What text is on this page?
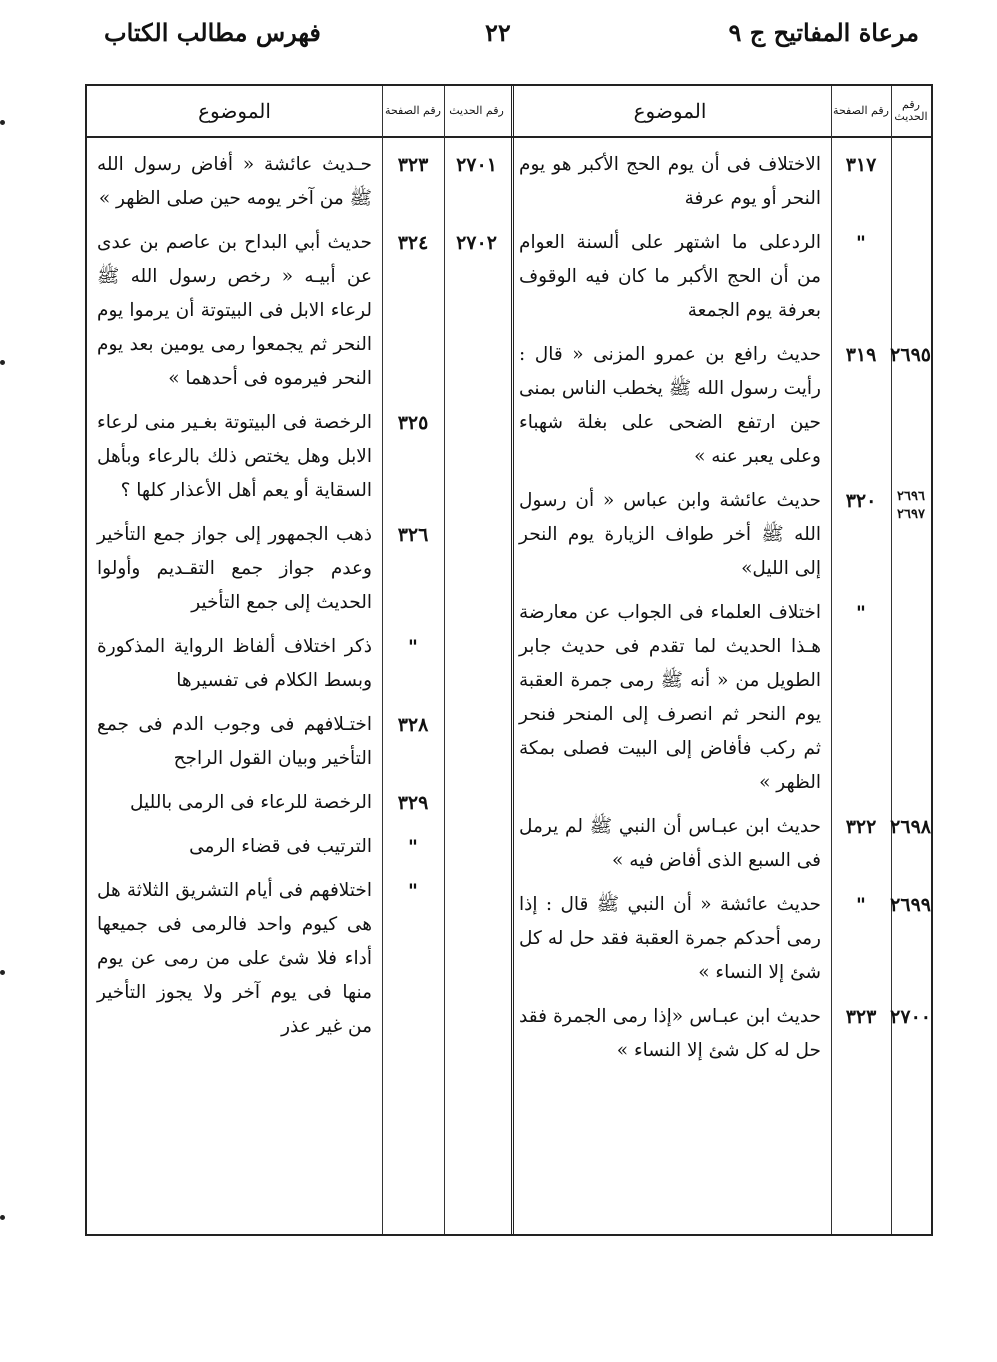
مرعاة المفاتيح ج ٩
٢٢
فهرس مطالب الكتاب
رقم الحديث
رقم الصفحة
الموضوع
٣١٧
الاختلاف فى أن يوم الحج الأكبر هو يوم النحر أو يوم عرفة
"
الردعلى ما اشتهر على ألسنة العوام من أن الحج الأكبر ما كان فيه الوقوف بعرفة يوم الجمعة
٢٦٩٥
٣١٩
حديث رافع بن عمرو المزنى « قال : رأيت رسول الله ﷺ يخطب الناس بمنى حين ارتفع الضحى على بغلة شهباء وعلى يعبر عنه »
٢٦٩٦ ٢٦٩٧
٣٢٠
حديث عائشة وابن عباس « أن رسول الله ﷺ أخر طواف الزيارة يوم النحر إلى الليل»
"
اختلاف العلماء فى الجواب عن معارضة هـذا الحديث لما تقدم فى حديث جابر الطويل من « أنه ﷺ رمى جمرة العقبة يوم النحر ثم انصرف إلى المنحر فنحر ثم ركب فأفاض إلى البيت فصلى بمكة الظهر »
٢٦٩٨
٣٢٢
حديث ابن عبـاس أن النبي ﷺ لم يرمل فى السبع الذى أفاض فيه »
٢٦٩٩
"
حديث عائشة « أن النبي ﷺ قال : إذا رمى أحدكم جمرة العقبة فقد حل له كل شئ إلا النساء »
٢٧٠٠
٣٢٣
حديث ابن عبـاس «إذا رمى الجمرة فقد حل له كل شئ إلا النساء »
رقم الحديث
رقم الصفحة
الموضوع
٢٧٠١
٣٢٣
حـديث عائشة « أفاض رسول الله ﷺ من آخر يومه حين صلى الظهر »
٢٧٠٢
٣٢٤
حديث أبي البداح بن عاصم بن عدى عن أبيـه « رخص رسول الله ﷺ لرعاء الابل فى البيتوتة أن يرموا يوم النحر ثم يجمعوا رمى يومين بعد يوم النحر فيرموه فى أحدهما »
٣٢٥
الرخصة فى البيتوتة بغـير منى لرعاء الابل وهل يختص ذلك بالرعاء وبأهل السقاية أو يعم أهل الأعذار كلها ؟
٣٢٦
ذهب الجمهور إلى جواز جمع التأخير وعدم جواز جمع التقـديم وأولوا الحديث إلى جمع التأخير
"
ذكر اختلاف ألفاظ الرواية المذكورة وبسط الكلام فى تفسيرها
٣٢٨
اختـلافهم فى وجوب الدم فى جمع التأخير وبيان القول الراجح
٣٢٩
الرخصة للرعاء فى الرمى بالليل
"
الترتيب فى قضاء الرمى
"
اختلافهم فى أيام التشريق الثلاثة هل هى كيوم واحد فالرمى فى جميعها أداء فلا شئ على من رمى عن يوم منها فى يوم آخر ولا يجوز التأخير من غير عذر
